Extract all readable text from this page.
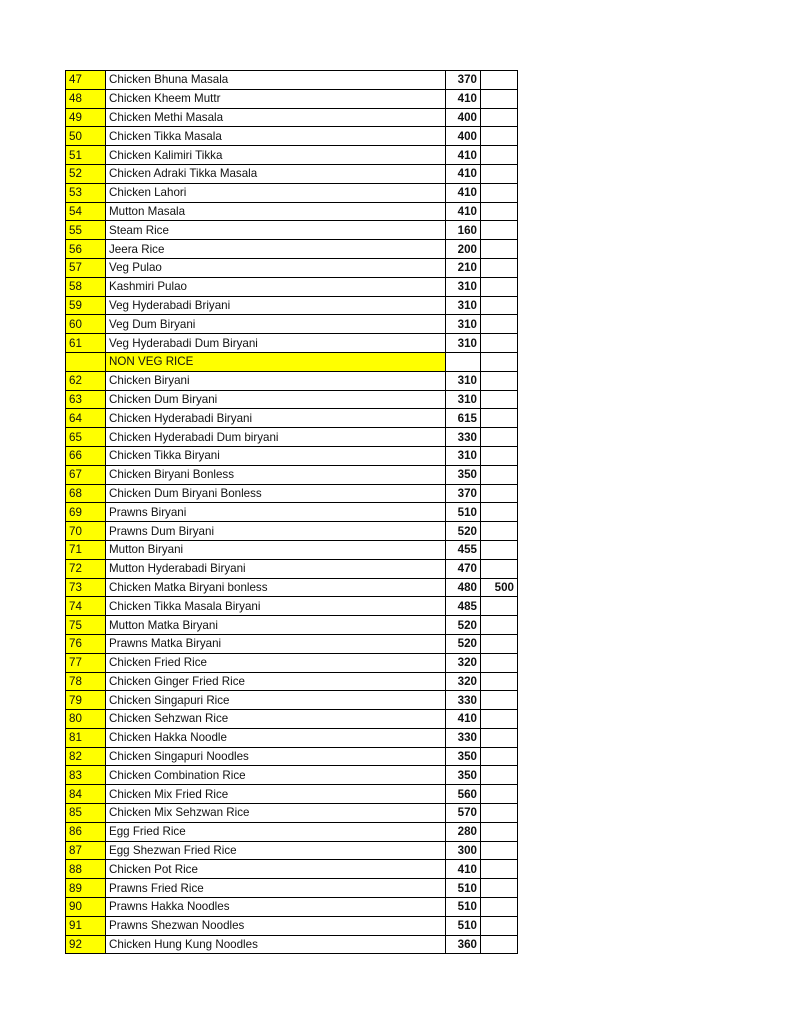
47	Chicken Bhuna Masala	370	
48	Chicken Kheem Muttr	410	
49	Chicken Methi Masala	400	
50	Chicken Tikka Masala	400	
51	Chicken Kalimiri Tikka	410	
52	Chicken Adraki Tikka Masala	410	
53	Chicken Lahori	410	
54	Mutton Masala	410	
55	Steam Rice	160	
56	Jeera Rice	200	
57	Veg Pulao	210	
58	Kashmiri Pulao	310	
59	Veg Hyderabadi Briyani	310	
60	Veg Dum Biryani	310	
61	Veg Hyderabadi Dum Biryani	310	
	NON VEG RICE		
62	Chicken Biryani	310	
63	Chicken Dum Biryani	310	
64	Chicken Hyderabadi Biryani	615	
65	Chicken Hyderabadi Dum biryani	330	
66	Chicken Tikka Biryani	310	
67	Chicken Biryani Bonless	350	
68	Chicken Dum Biryani Bonless	370	
69	Prawns Biryani	510	
70	Prawns Dum Biryani	520	
71	Mutton Biryani	455	
72	Mutton Hyderabadi Biryani	470	
73	Chicken Matka Biryani bonless	480	500
74	Chicken Tikka Masala Biryani	485	
75	Mutton Matka Biryani	520	
76	Prawns Matka Biryani	520	
77	Chicken Fried Rice	320	
78	Chicken Ginger Fried Rice	320	
79	Chicken Singapuri Rice	330	
80	Chicken Sehzwan Rice	410	
81	Chicken Hakka Noodle	330	
82	Chicken Singapuri Noodles	350	
83	Chicken Combination Rice	350	
84	Chicken Mix Fried Rice	560	
85	Chicken Mix Sehzwan Rice	570	
86	Egg Fried Rice	280	
87	Egg Shezwan Fried Rice	300	
88	Chicken Pot Rice	410	
89	Prawns Fried Rice	510	
90	Prawns Hakka Noodles	510	
91	Prawns Shezwan Noodles	510	
92	Chicken Hung Kung Noodles	360	
